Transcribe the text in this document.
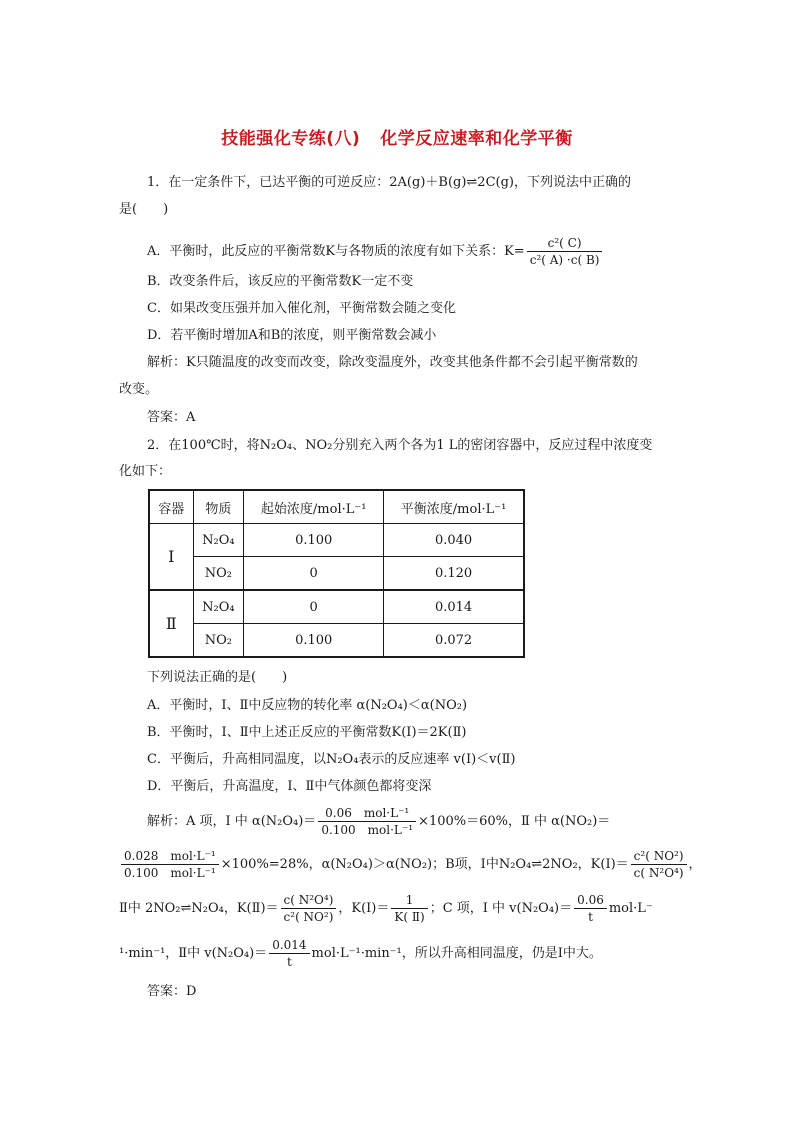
技能强化专练(八) 化学反应速率和化学平衡
1．在一定条件下，已达平衡的可逆反应：2A(g)＋B(g)⇌2C(g)，下列说法中正确的
是(　　)
A．平衡时，此反应的平衡常数K与各物质的浓度有如下关系：$K= \frac{\text{c²( C)}}{\text{c²( A) ·c( B)}}$
B．改变条件后，该反应的平衡常数K一定不变
C．如果改变压强并加入催化剂，平衡常数会随之变化
D．若平衡时增加A和B的浓度，则平衡常数会减小
解析：K只随温度的改变而改变，除改变温度外，改变其他条件都不会引起平衡常数的
改变。
答案：A
2．在100℃时，将N₂O₄、NO₂分别充入两个各为1 L的密闭容器中，反应过程中浓度变
化如下：
容器	物质	起始浓度/mol·L⁻¹	平衡浓度/mol·L⁻¹
Ⅰ	N₂O₄	0.100	0.040
	NO₂	0	0.120
Ⅱ	N₂O₄	0	0.014
	NO₂	0.100	0.072
下列说法正确的是(　　)
A．平衡时，Ⅰ、Ⅱ中反应物的转化率 α(N₂O₄)＜α(NO₂)
B．平衡时，Ⅰ、Ⅱ中上述正反应的平衡常数K(Ⅰ)＝2K(Ⅱ)
C．平衡后，升高相同温度，以N₂O₄表示的反应速率 v(Ⅰ)＜v(Ⅱ)
D．平衡后，升高温度，Ⅰ、Ⅱ中气体颜色都将变深
解析：A 项，Ⅰ 中 $\alpha(N_2O_4)= \frac{\text{0.06　mol·L⁻¹}}{\text{0.100　mol·L⁻¹}} \times 100\%=60\%$，Ⅱ 中 α(NO₂)＝
$\frac{\text{0.028　mol·L⁻¹}}{\text{0.100　mol·L⁻¹}} \times 100\%=28\%$，α(N₂O₄)＞α(NO₂)；B项，Ⅰ中N₂O₄⇌2NO₂，K(Ⅰ)＝ $\frac{\text{c²( NO²)}}{\text{c( N²O⁴)}}$ ，
Ⅱ中 2NO₂⇌N₂O₄，K(Ⅱ)＝ $\frac{\text{c( N²O⁴)}}{\text{c²( NO²)}}$ ，K(Ⅰ)＝ $\frac{1}{\text{K( Ⅱ)}}$ ；C 项，Ⅰ 中 $v(N_2O_4)= \frac{0.06}{t} mol\cdot L^-$
¹·min⁻¹，Ⅱ中 $v(N_2O_4)= \frac{0.014}{t} mol\cdot L^{-1}\cdot\min^{-1}$，所以升高相同温度，仍是Ⅰ中大。
答案：D
